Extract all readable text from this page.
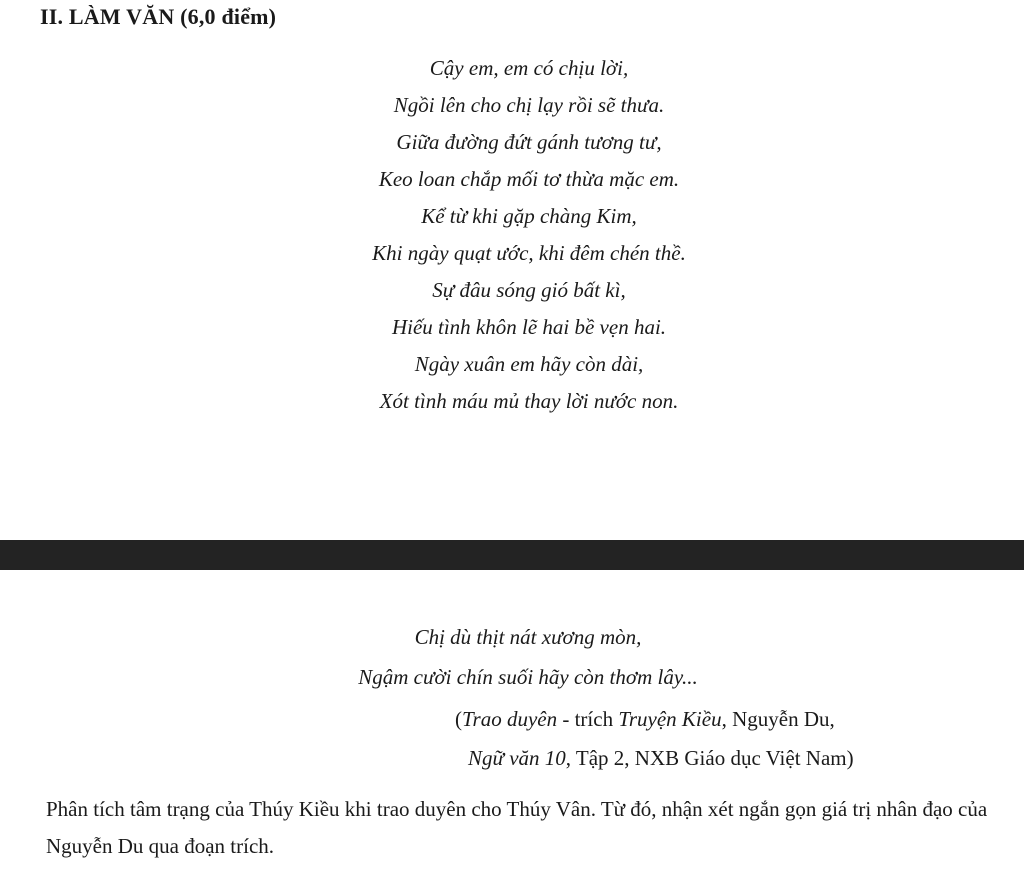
II. LÀM VĂN (6,0 điểm)
Cậy em, em có chịu lời,
Ngồi lên cho chị lạy rồi sẽ thưa.
Giữa đường đứt gánh tương tư,
Keo loan chắp mối tơ thừa mặc em.
Kể từ khi gặp chàng Kim,
Khi ngày quạt ước, khi đêm chén thề.
Sự đâu sóng gió bất kì,
Hiếu tình khôn lẽ hai bề vẹn hai.
Ngày xuân em hãy còn dài,
Xót tình máu mủ thay lời nước non.
Chị dù thịt nát xương mòn,
Ngậm cười chín suối hãy còn thơm lây...
(Trao duyên - trích Truyện Kiều, Nguyễn Du,
Ngữ văn 10, Tập 2, NXB Giáo dục Việt Nam)
Phân tích tâm trạng của Thúy Kiều khi trao duyên cho Thúy Vân. Từ đó, nhận xét ngắn gọn giá trị nhân đạo của Nguyễn Du qua đoạn trích.
